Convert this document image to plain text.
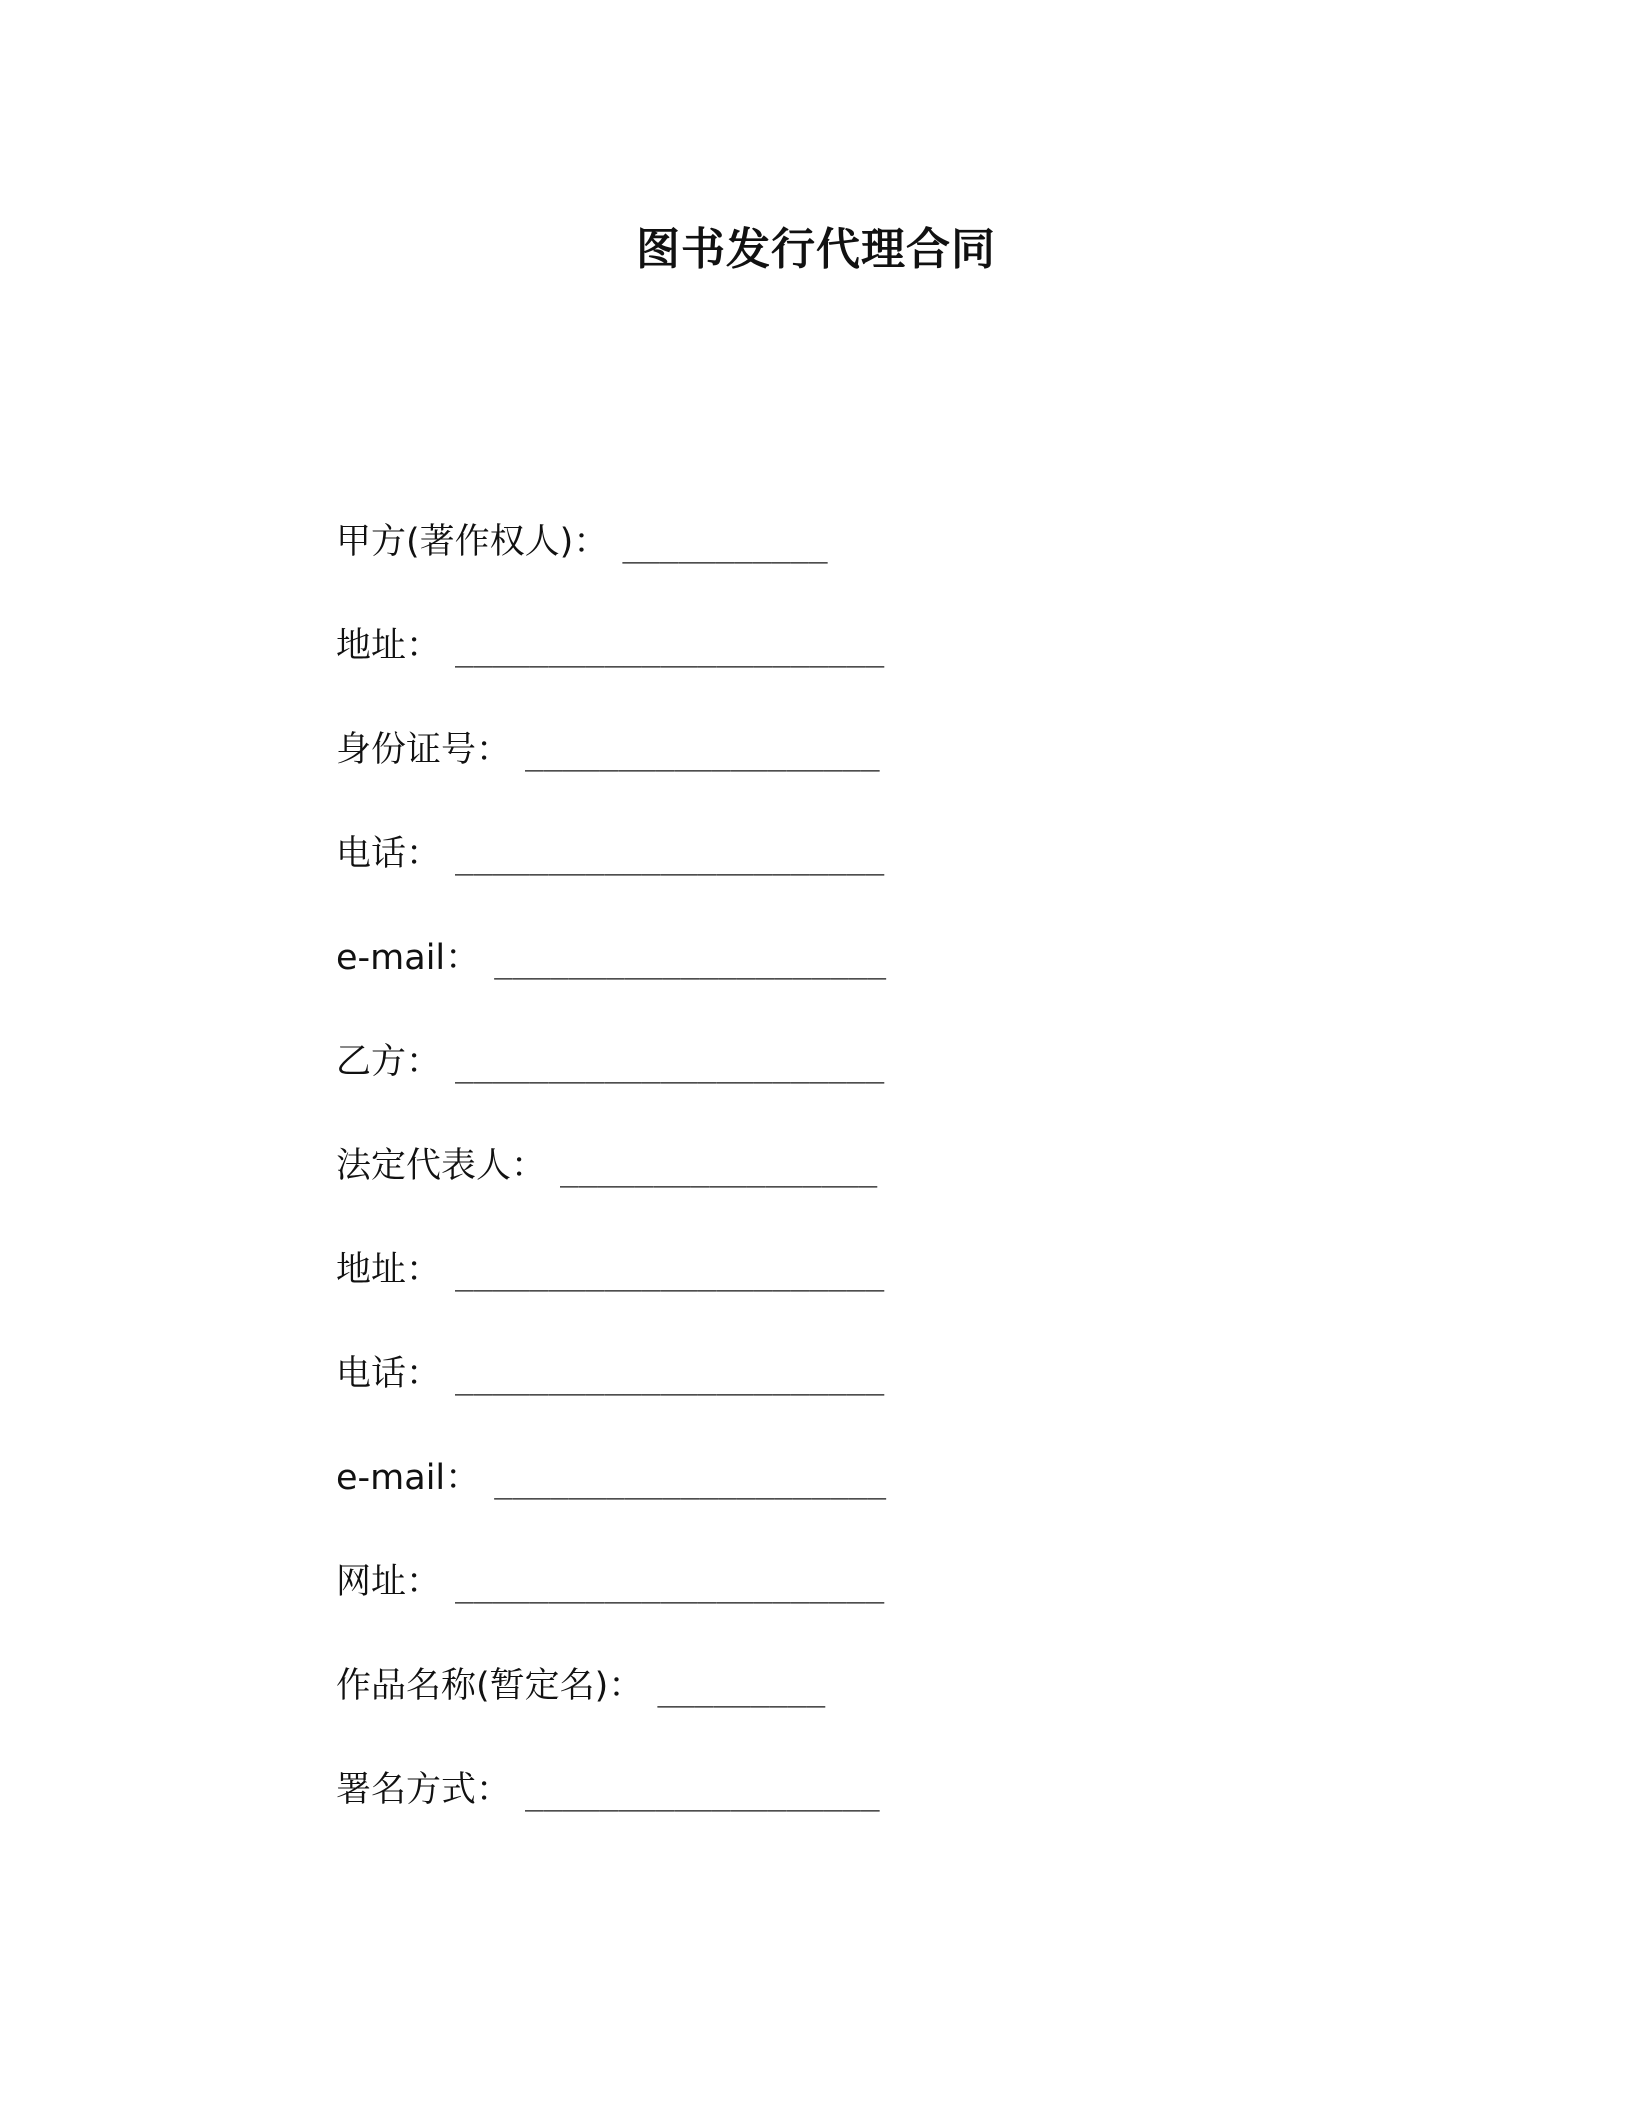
图书发行代理合同
甲方(著作权人) ： ___________
地址 ： _______________________
身份证号 ： ___________________
电话 ： _______________________
e-mail ： _____________________
乙方 ： _______________________
法定代表人 ： _________________
地址 ： _______________________
电话 ： _______________________
e-mail ： _____________________
网址 ： _______________________
作品名称(暂定名) ： _________
署名方式 ： ___________________
